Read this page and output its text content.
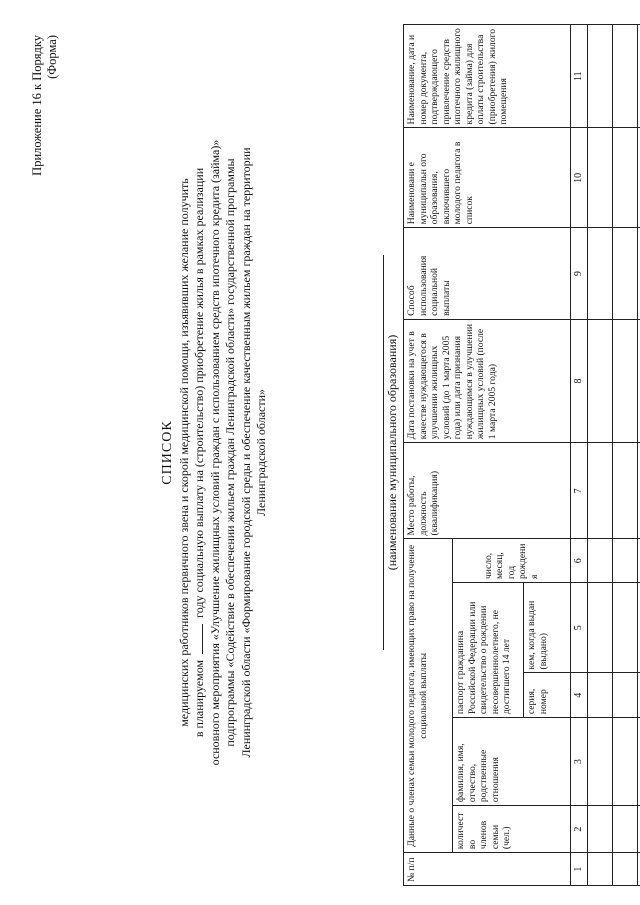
Приложение 16 к Порядку (Форма)
СПИСОК медицинских работников первичного звена и скорой медицинской помощи, изъявивших желание получить в планируемом  году социальную выплату на (строительство) приобретение жилья в рамках реализации основного мероприятия «Улучшение жилищных условий граждан с использованием средств ипотечного кредита (займа)» подпрограммы «Содействие в обеспечении жильем граждан Ленинградской области» государственной программы Ленинградской области «Формирование городской среды и обеспечение качественным жильем граждан на территории Ленинградской области»	(наименование муниципального образования)
№ п/п	Данные о членах семьи молодого педагога, имеющих право на получение социальной выплаты					Место работы, должность (квалификация)	Дата постановки на учет в качестве нуждающегося в улучшении жилищных условий (до 1 марта 2005 года) или дата признания нуждающимся в улучшении жилищных условий (после 1 марта 2005 года)	Способ использования социальной выплаты	Наименовани е муниципальн ого образования, включившего молодого педагога в список	Наименование, дата и номер документа, подтверждающего привлечение средств ипотечного жилищного кредита (займа) для оплаты строительства (приобретения) жилого помещения
	количест во членов семьи (чел.)	фамилия, имя, отчество, родственные отношения	паспорт гражданина Российской Федерации или свидетельство о рождении несовершеннолетнего, не достигшего 14 лет		число, месяц, год рождения					
			серия, номер	кем, когда выдан (выдано)						
1	2	3	4	5	6	7	8	9	10	11
